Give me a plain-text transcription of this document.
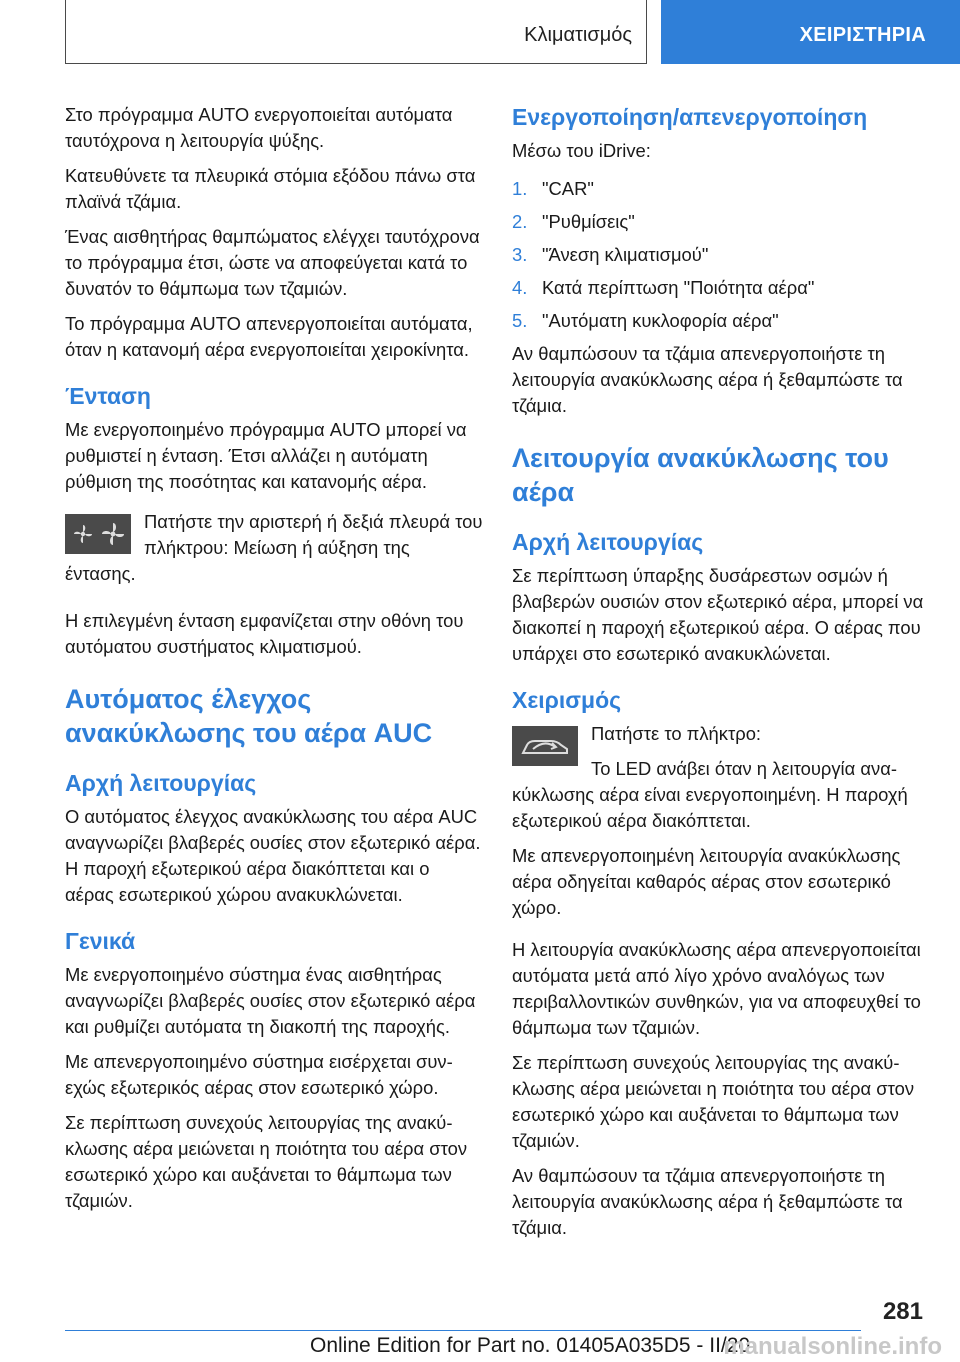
Κλιματισμός	ΧΕΙΡΙΣΤΗΡΙΑ

Στο πρόγραμμα AUTO ενεργοποιείται αυτόματα ταυτόχρονα η λειτουργία ψύξης.

Κατευθύνετε τα πλευρικά στόμια εξόδου πάνω στα πλαϊνά τζάμια.

Ένας αισθητήρας θαμπώματος ελέγχει ταυτόχρονα το πρόγραμμα έτσι, ώστε να αποφεύγεται κατά το δυνατόν το θάμπωμα των τζαμιών.

Το πρόγραμμα AUTO απενεργοποιείται αυτόματα, όταν η κατανομή αέρα ενεργοποιείται χειροκίνητα.

Ένταση

Με ενεργοποιημένο πρόγραμμα AUTO μπορεί να ρυθμιστεί η ένταση. Έτσι αλλάζει η αυτόματη ρύθμιση της ποσότητας και κατανομής αέρα.

Πατήστε την αριστερή ή δεξιά πλευρά του πλήκτρου: Μείωση ή αύξηση της έντασης.

Η επιλεγμένη ένταση εμφανίζεται στην οθόνη του αυτόματου συστήματος κλιματισμού.

Αυτόματος έλεγχος ανακύκλωσης του αέρα AUC
Αρχή λειτουργίας

Ο αυτόματος έλεγχος ανακύκλωσης του αέρα AUC αναγνωρίζει βλαβερές ουσίες στον εξωτερικό αέρα. Η παροχή εξωτερικού αέρα διακόπτεται και ο αέρας εσωτερικού χώρου ανακυκλώνεται.

Γενικά

Με ενεργοποιημένο σύστημα ένας αισθητήρας αναγνωρίζει βλαβερές ουσίες στον εξωτερικό αέρα και ρυθμίζει αυτόματα τη διακοπή της παροχής.

Με απενεργοποιημένο σύστημα εισέρχεται συνεχώς εξωτερικός αέρας στον εσωτερικό χώρο.

Σε περίπτωση συνεχούς λειτουργίας της ανακύκλωσης αέρα μειώνεται η ποιότητα του αέρα στον εσωτερικό χώρο και αυξάνεται το θάμπωμα των τζαμιών.

Ενεργοποίηση/απενεργοποίηση

Μέσω του iDrive:

1. "CAR"
2. "Ρυθμίσεις"
3. "Άνεση κλιματισμού"
4. Κατά περίπτωση "Ποιότητα αέρα"
5. "Αυτόματη κυκλοφορία αέρα"

Αν θαμπώσουν τα τζάμια απενεργοποιήστε τη λειτουργία ανακύκλωσης αέρα ή ξεθαμπώστε τα τζάμια.

Λειτουργία ανακύκλωσης του αέρα
Αρχή λειτουργίας

Σε περίπτωση ύπαρξης δυσάρεστων οσμών ή βλαβερών ουσιών στον εξωτερικό αέρα, μπορεί να διακοπεί η παροχή εξωτερικού αέρα. Ο αέρας που υπάρχει στο εσωτερικό ανακυκλώνεται.

Χειρισμός

Πατήστε το πλήκτρο:

Το LED ανάβει όταν η λειτουργία ανακύκλωσης αέρα είναι ενεργοποιημένη. Η παροχή εξωτερικού αέρα διακόπτεται.

Με απενεργοποιημένη λειτουργία ανακύκλωσης αέρα οδηγείται καθαρός αέρας στον εσωτερικό χώρο.

Η λειτουργία ανακύκλωσης αέρα απενεργοποιείται αυτόματα μετά από λίγο χρόνο αναλόγως των περιβαλλοντικών συνθηκών, για να αποφευχθεί το θάμπωμα των τζαμιών.

Σε περίπτωση συνεχούς λειτουργίας της ανακύκλωσης αέρα μειώνεται η ποιότητα του αέρα στον εσωτερικό χώρο και αυξάνεται το θάμπωμα των τζαμιών.

Αν θαμπώσουν τα τζάμια απενεργοποιήστε τη λειτουργία ανακύκλωσης αέρα ή ξεθαμπώστε τα τζάμια.

281
Online Edition for Part no. 01405A035D5 - II/20
manualsonline.info
